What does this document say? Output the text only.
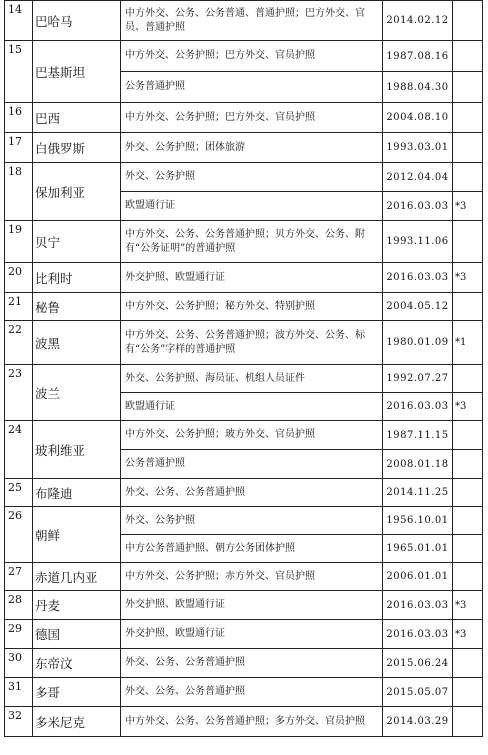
14	巴哈马	中方外交、公务、公务普通、普通护照；巴方外交、官员、普通护照	2014.02.12	
15	巴基斯坦	中方外交、公务护照；巴方外交、官员护照	1987.08.16	
		公务普通护照	1988.04.30	
16	巴西	中方外交、公务护照；巴方外交、官员护照	2004.08.10	
17	白俄罗斯	外交、公务护照；团体旅游	1993.03.01	
18	保加利亚	外交、公务护照	2012.04.04	
		欧盟通行证	2016.03.03	*3
19	贝宁	中方外交、公务、公务普通护照；贝方外交、公务、附有“公务证明”的普通护照	1993.11.06	
20	比利时	外交护照、欧盟通行证	2016.03.03	*3
21	秘鲁	中方外交、公务护照；秘方外交、特别护照	2004.05.12	
22	波黑	中方外交、公务、公务普通护照；波方外交、公务、标有“公务”字样的普通护照	1980.01.09	*1
23	波兰	外交、公务护照、海员证、机组人员证件	1992.07.27	
		欧盟通行证	2016.03.03	*3
24	玻利维亚	中方外交、公务护照；玻方外交、官员护照	1987.11.15	
		公务普通护照	2008.01.18	
25	布隆迪	外交、公务、公务普通护照	2014.11.25	
26	朝鲜	外交、公务护照	1956.10.01	
		中方公务普通护照、朝方公务团体护照	1965.01.01	
27	赤道几内亚	中方外交、公务护照；赤方外交、官员护照	2006.01.01	
28	丹麦	外交护照、欧盟通行证	2016.03.03	*3
29	德国	外交护照、欧盟通行证	2016.03.03	*3
30	东帝汶	外交、公务、公务普通护照	2015.06.24	
31	多哥	外交、公务、公务普通护照	2015.05.07	
32	多米尼克	中方外交、公务、公务普通护照；多方外交、官员护照	2014.03.29	
